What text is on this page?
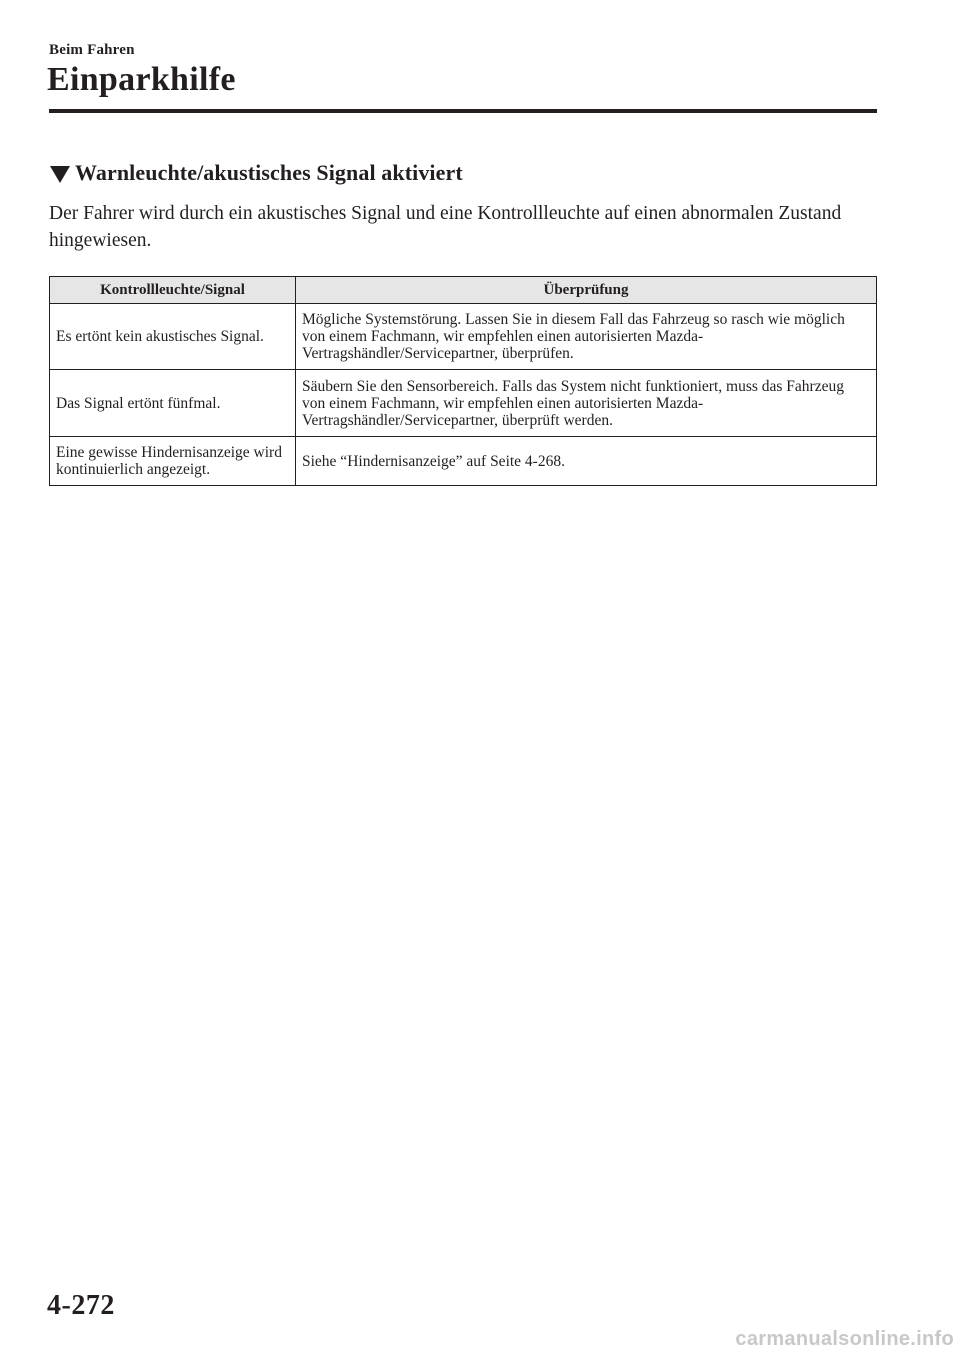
Beim Fahren
Einparkhilfe
Warnleuchte/akustisches Signal aktiviert
Der Fahrer wird durch ein akustisches Signal und eine Kontrollleuchte auf einen abnormalen Zustand hingewiesen.
Kontrollleuchte/Signal	Überprüfung
Es ertönt kein akustisches Signal.	Mögliche Systemstörung. Lassen Sie in diesem Fall das Fahrzeug so rasch wie möglich von einem Fachmann, wir empfehlen einen autorisierten Mazda-Vertragshändler/Servicepartner, überprüfen.
Das Signal ertönt fünfmal.	Säubern Sie den Sensorbereich. Falls das System nicht funktioniert, muss das Fahrzeug von einem Fachmann, wir empfehlen einen autorisierten Mazda-Vertragshändler/Servicepartner, überprüft werden.
Eine gewisse Hindernisanzeige wird kontinuierlich angezeigt.	Siehe “Hindernisanzeige” auf Seite 4-268.
4-272
carmanualsonline.info
